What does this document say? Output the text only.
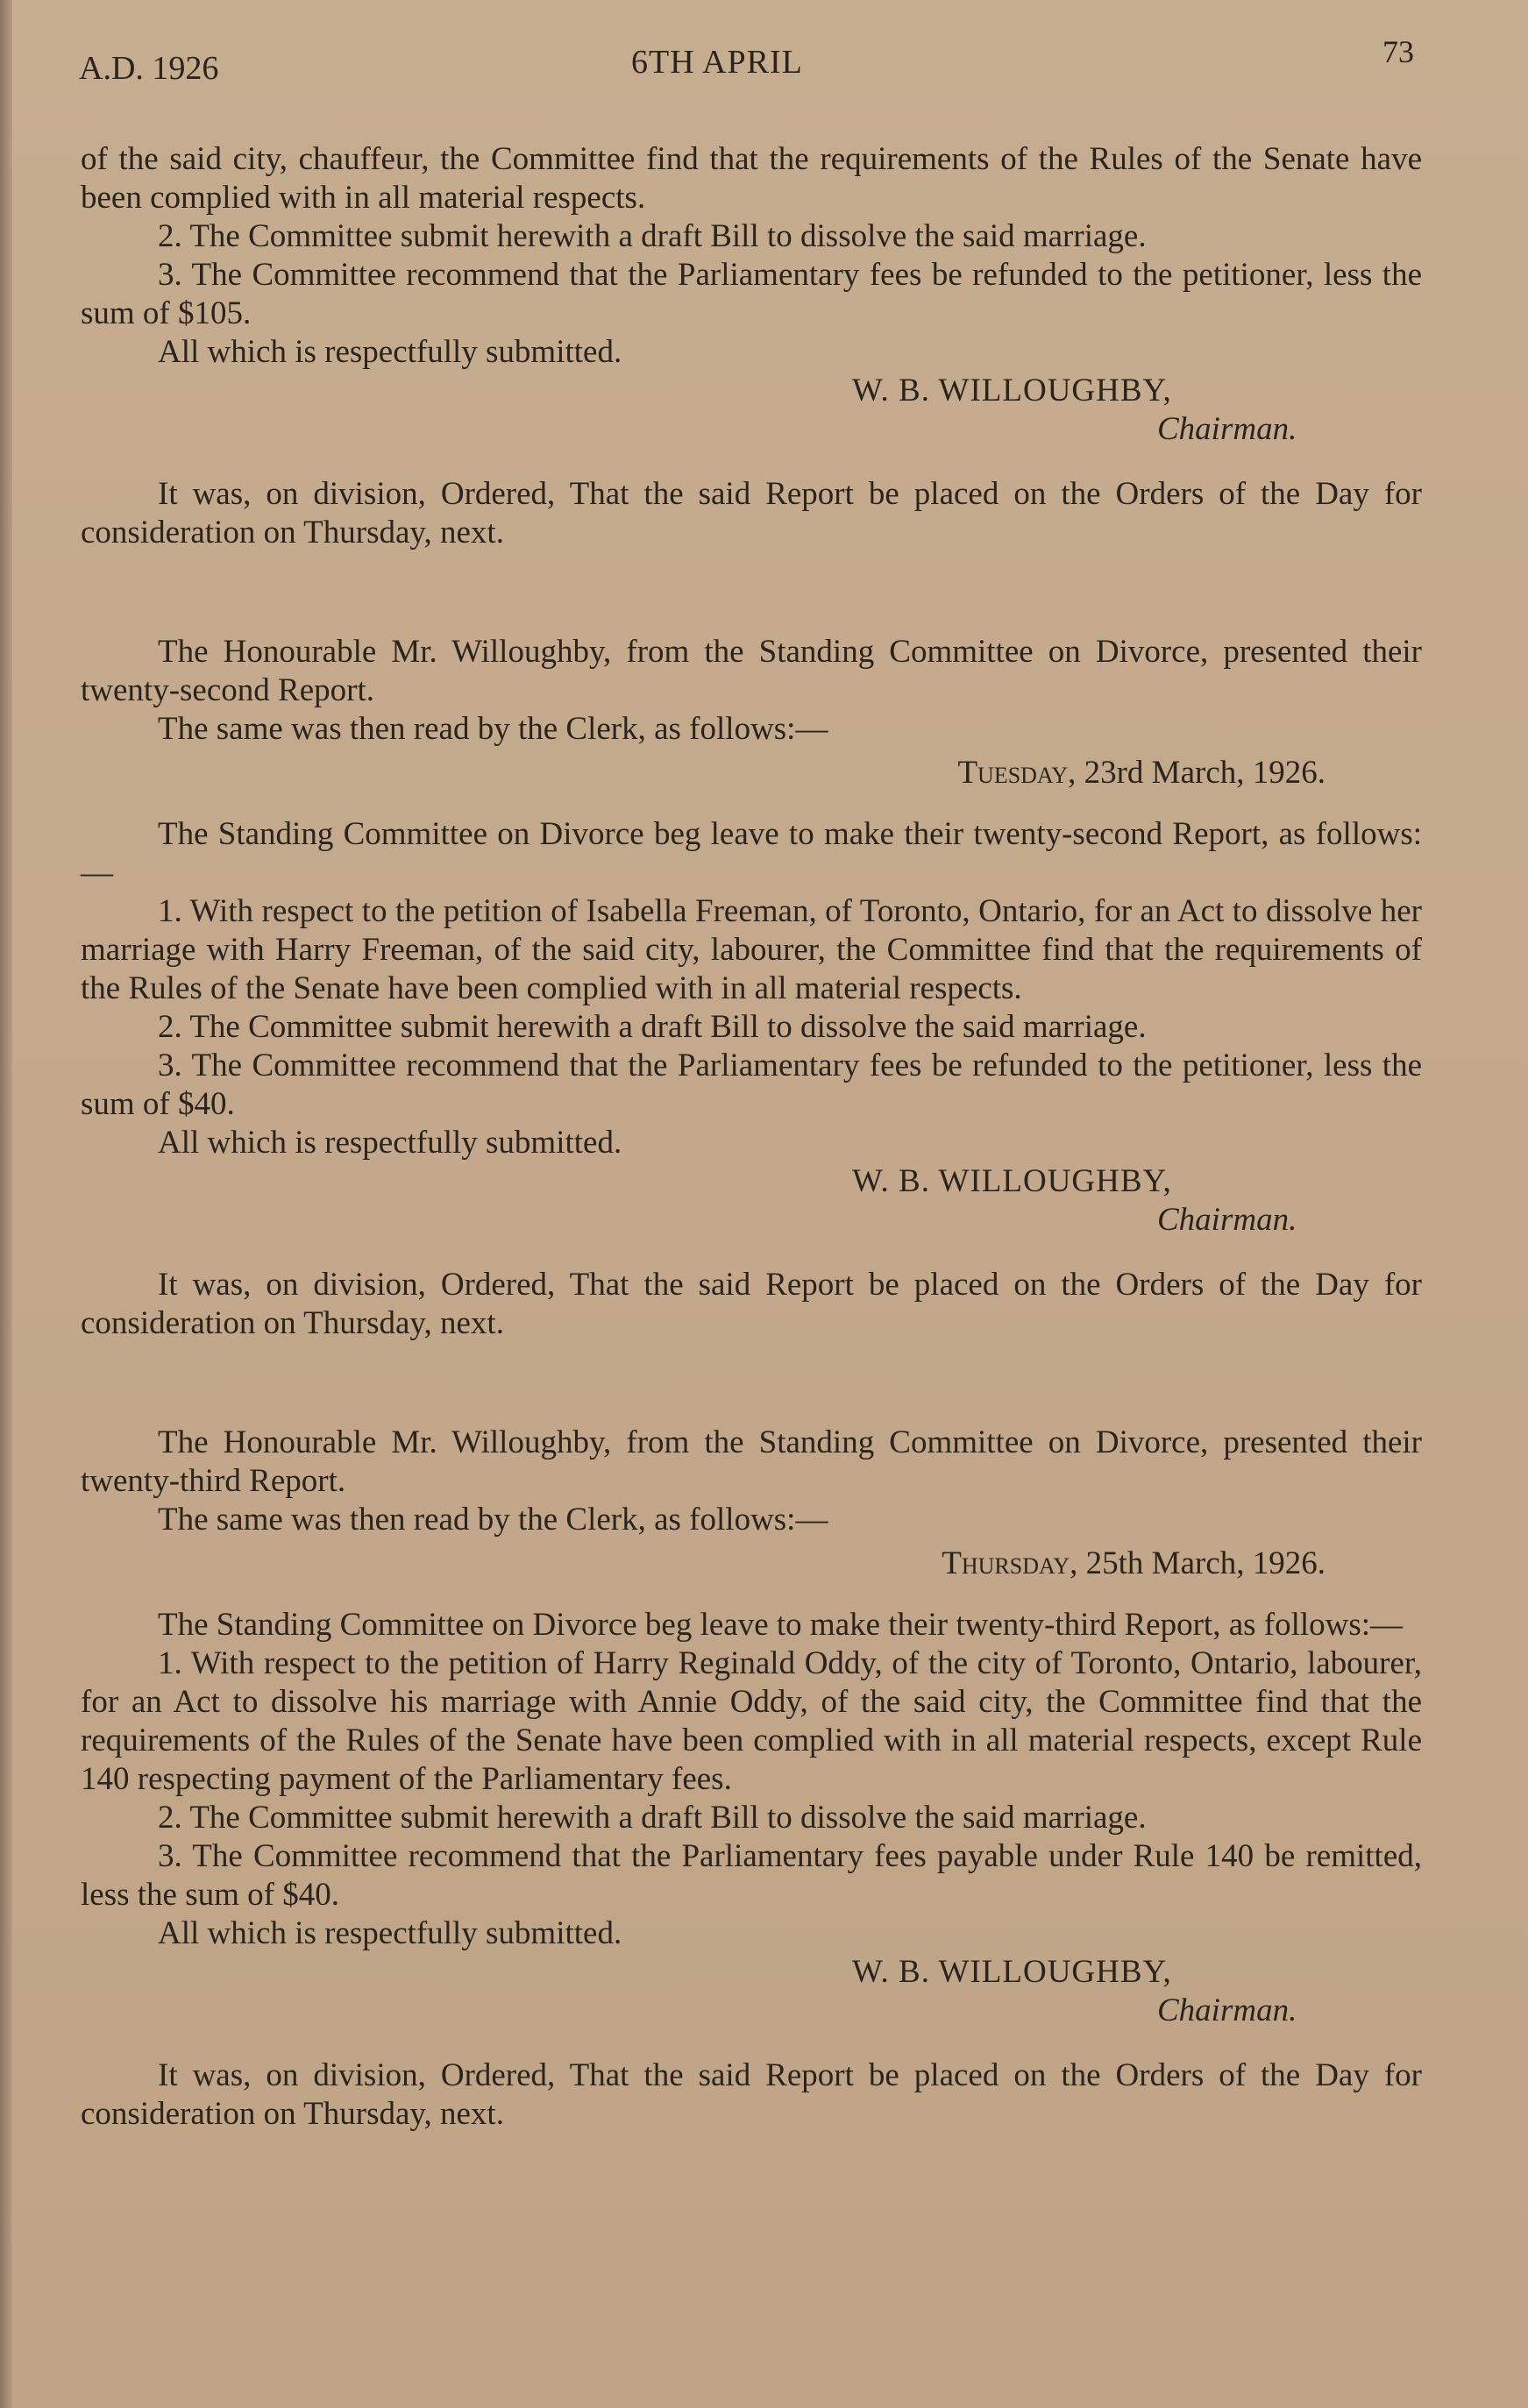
A.D. 1926	6TH APRIL	73

of the said city, chauffeur, the Committee find that the requirements of the Rules of the Senate have been complied with in all material respects.

2. The Committee submit herewith a draft Bill to dissolve the said marriage.

3. The Committee recommend that the Parliamentary fees be refunded to the petitioner, less the sum of $105.

All which is respectfully submitted.

W. B. WILLOUGHBY,

Chairman.

It was, on division, Ordered, That the said Report be placed on the Orders of the Day for consideration on Thursday, next.

The Honourable Mr. Willoughby, from the Standing Committee on Divorce, presented their twenty-second Report.

The same was then read by the Clerk, as follows:—

Tuesday, 23rd March, 1926.

The Standing Committee on Divorce beg leave to make their twenty-second Report, as follows:—

1. With respect to the petition of Isabella Freeman, of Toronto, Ontario, for an Act to dissolve her marriage with Harry Freeman, of the said city, labourer, the Committee find that the requirements of the Rules of the Senate have been complied with in all material respects.

2. The Committee submit herewith a draft Bill to dissolve the said marriage.

3. The Committee recommend that the Parliamentary fees be refunded to the petitioner, less the sum of $40.

All which is respectfully submitted.

W. B. WILLOUGHBY,

Chairman.

It was, on division, Ordered, That the said Report be placed on the Orders of the Day for consideration on Thursday, next.

The Honourable Mr. Willoughby, from the Standing Committee on Divorce, presented their twenty-third Report.

The same was then read by the Clerk, as follows:—

Thursday, 25th March, 1926.

The Standing Committee on Divorce beg leave to make their twenty-third Report, as follows:—

1. With respect to the petition of Harry Reginald Oddy, of the city of Toronto, Ontario, labourer, for an Act to dissolve his marriage with Annie Oddy, of the said city, the Committee find that the requirements of the Rules of the Senate have been complied with in all material respects, except Rule 140 respecting payment of the Parliamentary fees.

2. The Committee submit herewith a draft Bill to dissolve the said marriage.

3. The Committee recommend that the Parliamentary fees payable under Rule 140 be remitted, less the sum of $40.

All which is respectfully submitted.

W. B. WILLOUGHBY,

Chairman.

It was, on division, Ordered, That the said Report be placed on the Orders of the Day for consideration on Thursday, next.
